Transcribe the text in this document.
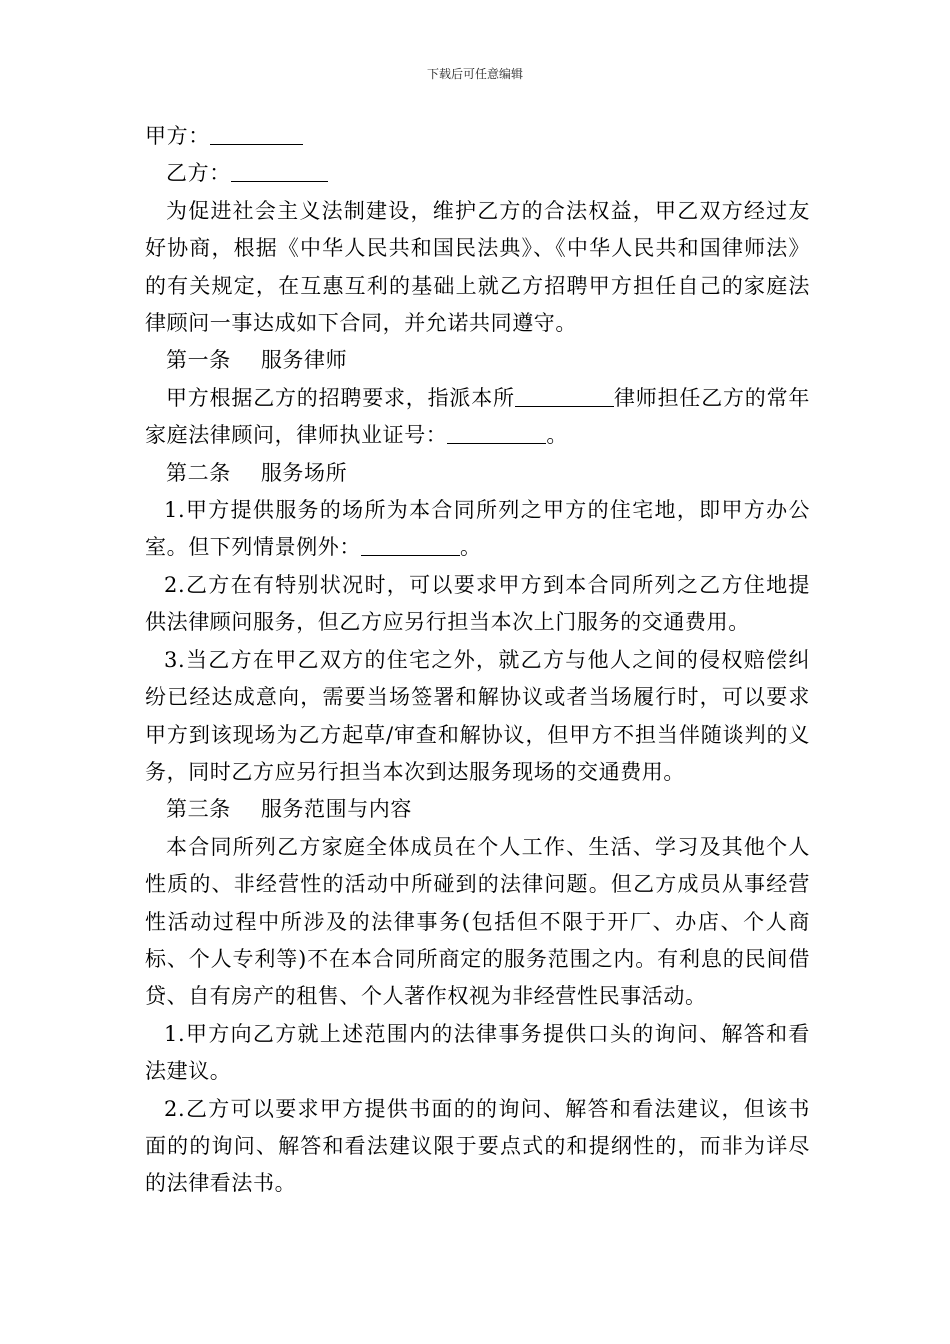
下载后可任意编辑

甲方：

乙方：

为促进社会主义法制建设，维护乙方的合法权益，甲乙双方经过友好协商，根据《中华人民共和国民法典》、《中华人民共和国律师法》的有关规定，在互惠互利的基础上就乙方招聘甲方担任自己的家庭法律顾问一事达成如下合同，并允诺共同遵守。

第一条 服务律师

甲方根据乙方的招聘要求，指派本所	律师担任乙方的常年家庭法律顾问，律师执业证号：	。

第二条 服务场所

1.甲方提供服务的场所为本合同所列之甲方的住宅地，即甲方办公室。但下列情景例外：	。

2.乙方在有特别状况时，可以要求甲方到本合同所列之乙方住地提供法律顾问服务，但乙方应另行担当本次上门服务的交通费用。

3.当乙方在甲乙双方的住宅之外，就乙方与他人之间的侵权赔偿纠纷已经达成意向，需要当场签署和解协议或者当场履行时，可以要求甲方到该现场为乙方起草/审查和解协议，但甲方不担当伴随谈判的义务，同时乙方应另行担当本次到达服务现场的交通费用。

第三条 服务范围与内容

本合同所列乙方家庭全体成员在个人工作、生活、学习及其他个人性质的、非经营性的活动中所碰到的法律问题。但乙方成员从事经营性活动过程中所涉及的法律事务(包括但不限于开厂、办店、个人商标、个人专利等)不在本合同所商定的服务范围之内。有利息的民间借贷、自有房产的租售、个人著作权视为非经营性民事活动。

1.甲方向乙方就上述范围内的法律事务提供口头的询问、解答和看法建议。

2.乙方可以要求甲方提供书面的的询问、解答和看法建议，但该书面的的询问、解答和看法建议限于要点式的和提纲性的，而非为详尽的法律看法书。
